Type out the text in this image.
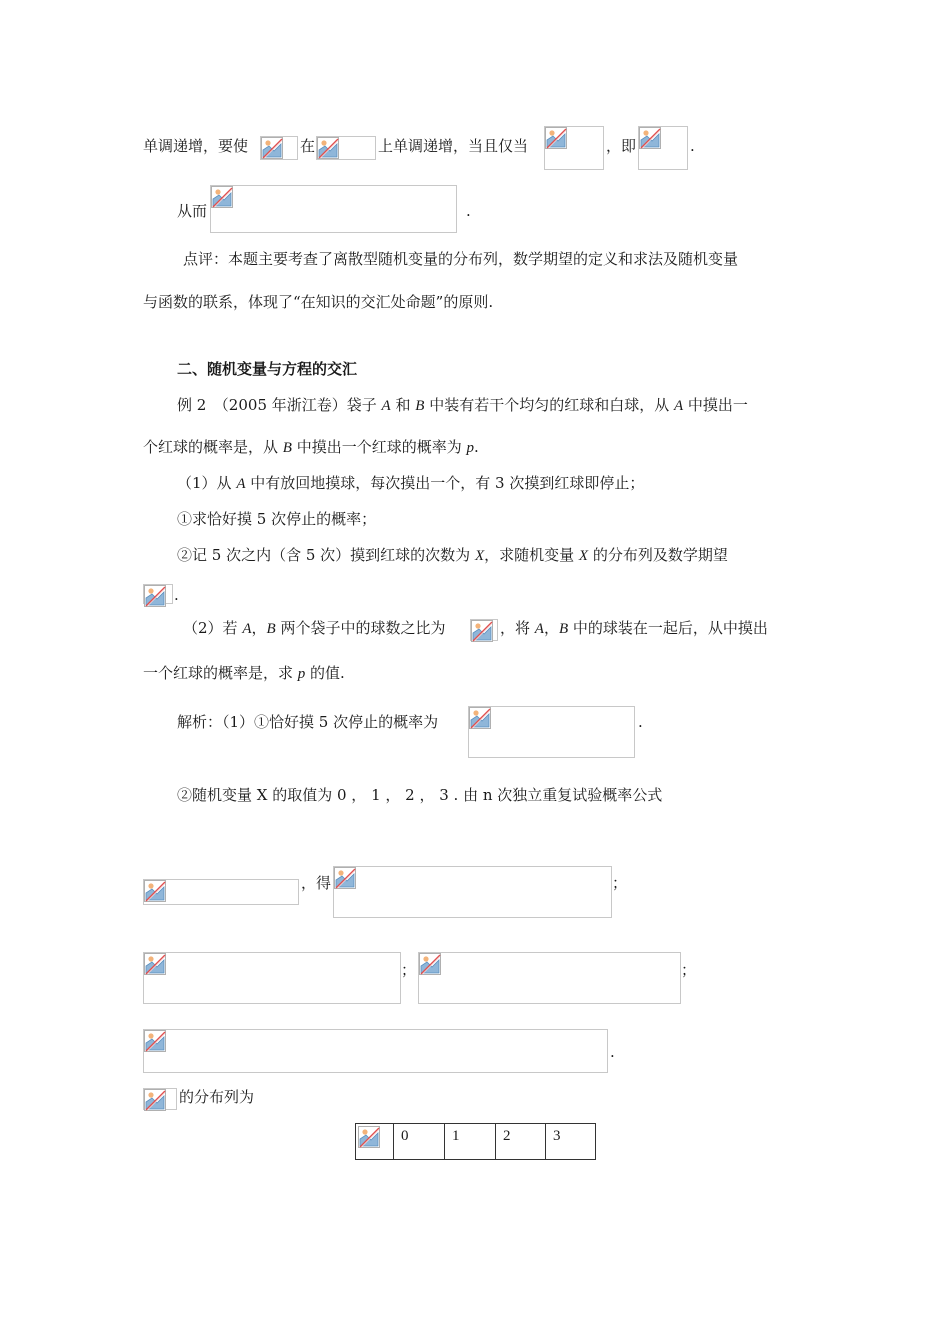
单调递增，要使	在	上单调递增，当且仅当	，即	.
从而	.
点评：本题主要考查了离散型随机变量的分布列，数学期望的定义和求法及随机变量
与函数的联系，体现了“在知识的交汇处命题”的原则.
二、随机变量与方程的交汇
例 2　（2005 年浙江卷）袋子 A 和 B 中装有若干个均匀的红球和白球，从 A 中摸出一
个红球的概率是，从 B 中摸出一个红球的概率为 p.
（1）从 A 中有放回地摸球，每次摸出一个，有 3 次摸到红球即停止；
①求恰好摸 5 次停止的概率；
②记 5 次之内（含 5 次）摸到红球的次数为 X，求随机变量 X 的分布列及数学期望
.
（2）若 A，B 两个袋子中的球数之比为	，将 A，B 中的球装在一起后，从中摸出
一个红球的概率是，求 p 的值.
解析：（1）①恰好摸 5 次停止的概率为	.
②随机变量 X 的取值为 0 ， 1 ， 2 ， 3 . 由 n 次独立重复试验概率公式
，得	；
；	；
.
的分布列为
	0	1	2	3
